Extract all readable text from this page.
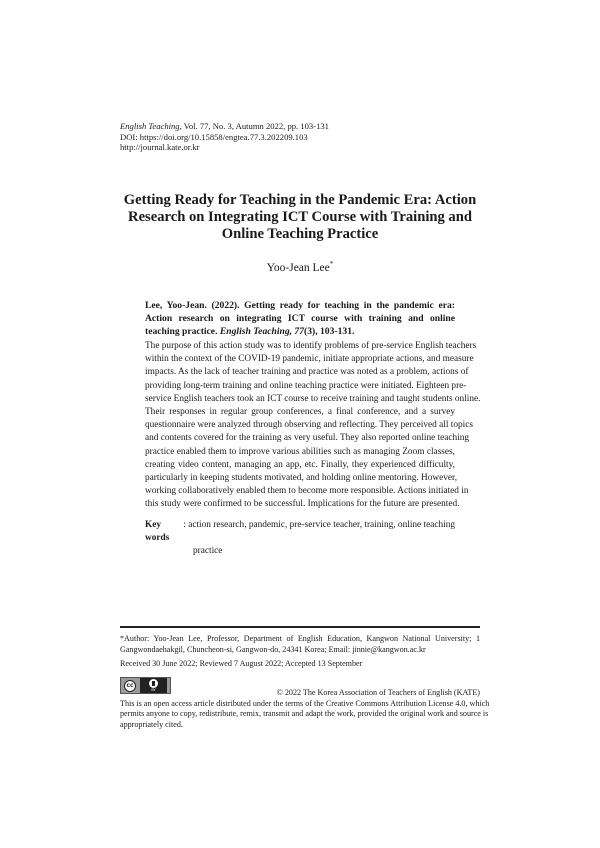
English Teaching, Vol. 77, No. 3, Autumn 2022, pp. 103-131
DOI: https://doi.org/10.15858/engtea.77.3.202209.103
http://journal.kate.or.kr
Getting Ready for Teaching in the Pandemic Era: Action
Research on Integrating ICT Course with Training and
Online Teaching Practice
Yoo-Jean Lee*
Lee, Yoo-Jean. (2022). Getting ready for teaching in the pandemic era: Action research on integrating ICT course with training and online teaching practice. English Teaching, 77(3), 103-131.
The purpose of this action study was to identify problems of pre-service English teachers
within the context of the COVID-19 pandemic, initiate appropriate actions, and measure
impacts. As the lack of teacher training and practice was noted as a problem, actions of
providing long-term training and online teaching practice were initiated. Eighteen pre-
service English teachers took an ICT course to receive training and taught students online.
Their responses in regular group conferences, a final conference, and a survey
questionnaire were analyzed through observing and reflecting. They perceived all topics
and contents covered for the training as very useful. They also reported online teaching
practice enabled them to improve various abilities such as managing Zoom classes,
creating video content, managing an app, etc. Finally, they experienced difficulty,
particularly in keeping students motivated, and holding online mentoring. However,
working collaboratively enabled them to become more responsible. Actions initiated in
this study were confirmed to be successful. Implications for the future are presented.
Key words
: action research, pandemic, pre-service teacher, training, online teaching
practice
*Author: Yoo-Jean Lee, Professor, Department of English Education, Kangwon National University; 1
Gangwondaehakgil, Chuncheon-si, Gangwon-do, 24341 Korea; Email: jinnie@kangwon.ac.kr
Received 30 June 2022; Reviewed 7 August 2022; Accepted 13 September
cc
BY	© 2022 The Korea Association of Teachers of English (KATE)
This is an open access article distributed under the terms of the Creative Commons Attribution License 4.0, which
permits anyone to copy, redistribute, remix, transmit and adapt the work, provided the original work and source is
appropriately cited.
